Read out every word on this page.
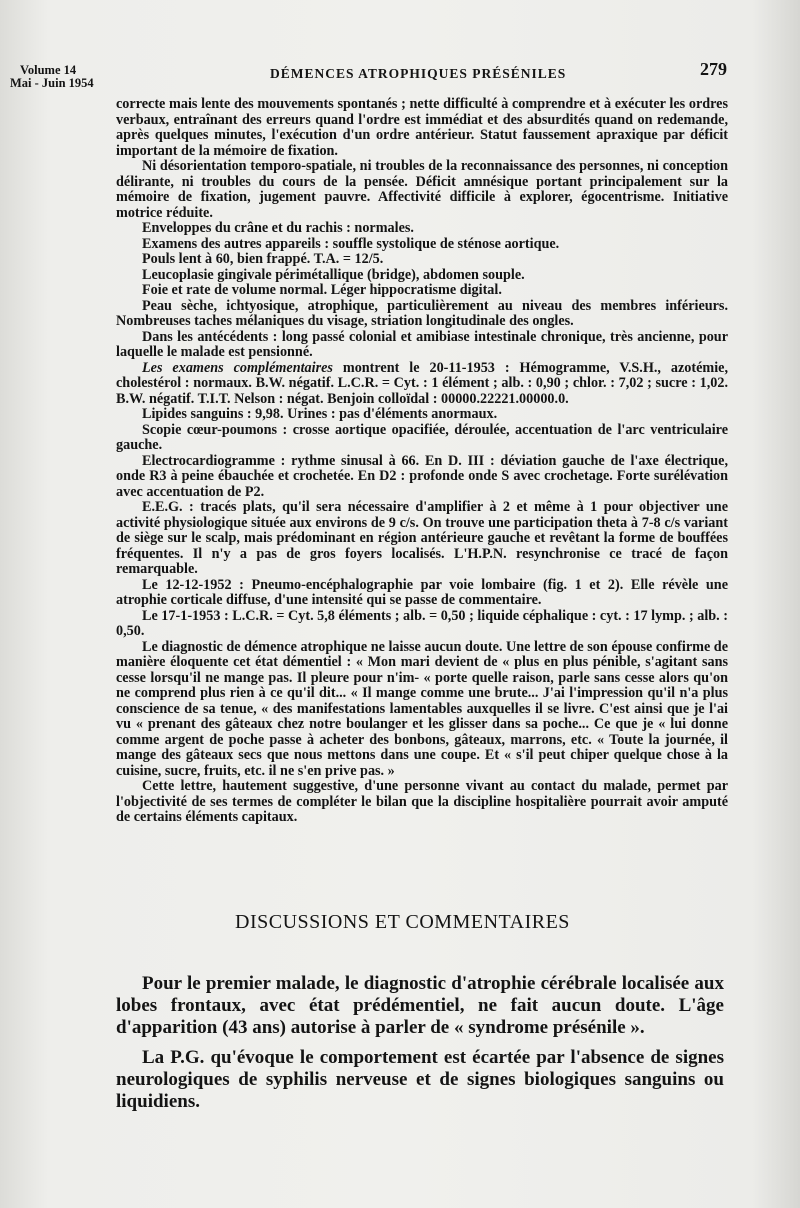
Volume 14
Mai - Juin 1954
DÉMENCES ATROPHIQUES PRÉSÉNILES	279

correcte mais lente des mouvements spontanés ; nette difficulté à comprendre et à exécuter les ordres verbaux, entraînant des erreurs quand l'ordre est immédiat et des absurdités quand on redemande, après quelques minutes, l'exécution d'un ordre antérieur. Statut faussement apraxique par déficit important de la mémoire de fixation.

Ni désorientation temporo-spatiale, ni troubles de la reconnaissance des personnes, ni conception délirante, ni troubles du cours de la pensée. Déficit amnésique portant principalement sur la mémoire de fixation, jugement pauvre. Affectivité difficile à explorer, égocentrisme. Initiative motrice réduite.

Enveloppes du crâne et du rachis : normales.

Examens des autres appareils : souffle systolique de sténose aortique.

Pouls lent à 60, bien frappé. T.A. = 12/5.

Leucoplasie gingivale périmétallique (bridge), abdomen souple.

Foie et rate de volume normal. Léger hippocratisme digital.

Peau sèche, ichtyosique, atrophique, particulièrement au niveau des membres inférieurs. Nombreuses taches mélaniques du visage, striation longitudinale des ongles.

Dans les antécédents : long passé colonial et amibiase intestinale chronique, très ancienne, pour laquelle le malade est pensionné.

Les examens complémentaires montrent le 20-11-1953 : Hémogramme, V.S.H., azotémie, cholestérol : normaux. B.W. négatif. L.C.R. = Cyt. : 1 élément ; alb. : 0,90 ; chlor. : 7,02 ; sucre : 1,02. B.W. négatif. T.I.T. Nelson : négat. Benjoin colloïdal : 00000.22221.00000.0.

Lipides sanguins : 9,98. Urines : pas d'éléments anormaux.

Scopie cœur-poumons : crosse aortique opacifiée, déroulée, accentuation de l'arc ventriculaire gauche.

Electrocardiogramme : rythme sinusal à 66. En D. III : déviation gauche de l'axe électrique, onde R3 à peine ébauchée et crochetée. En D2 : profonde onde S avec crochetage. Forte surélévation avec accentuation de P2.

E.E.G. : tracés plats, qu'il sera nécessaire d'amplifier à 2 et même à 1 pour objectiver une activité physiologique située aux environs de 9 c/s. On trouve une participation theta à 7-8 c/s variant de siège sur le scalp, mais prédominant en région antérieure gauche et revêtant la forme de bouffées fréquentes. Il n'y a pas de gros foyers localisés. L'H.P.N. resynchronise ce tracé de façon remarquable.

Le 12-12-1952 : Pneumo-encéphalographie par voie lombaire (fig. 1 et 2). Elle révèle une atrophie corticale diffuse, d'une intensité qui se passe de commentaire.

Le 17-1-1953 : L.C.R. = Cyt. 5,8 éléments ; alb. = 0,50 ; liquide céphalique : cyt. : 17 lymp. ; alb. : 0,50.

Le diagnostic de démence atrophique ne laisse aucun doute. Une lettre de son épouse confirme de manière éloquente cet état démentiel : « Mon mari devient de « plus en plus pénible, s'agitant sans cesse lorsqu'il ne mange pas. Il pleure pour n'im- « porte quelle raison, parle sans cesse alors qu'on ne comprend plus rien à ce qu'il dit... « Il mange comme une brute... J'ai l'impression qu'il n'a plus conscience de sa tenue, « des manifestations lamentables auxquelles il se livre. C'est ainsi que je l'ai vu « prenant des gâteaux chez notre boulanger et les glisser dans sa poche... Ce que je « lui donne comme argent de poche passe à acheter des bonbons, gâteaux, marrons, etc. « Toute la journée, il mange des gâteaux secs que nous mettons dans une coupe. Et « s'il peut chiper quelque chose à la cuisine, sucre, fruits, etc. il ne s'en prive pas. »

Cette lettre, hautement suggestive, d'une personne vivant au contact du malade, permet par l'objectivité de ses termes de compléter le bilan que la discipline hospitalière pourrait avoir amputé de certains éléments capitaux.

DISCUSSIONS ET COMMENTAIRES

Pour le premier malade, le diagnostic d'atrophie cérébrale localisée aux lobes frontaux, avec état prédémentiel, ne fait aucun doute. L'âge d'apparition (43 ans) autorise à parler de « syndrome présénile ».

La P.G. qu'évoque le comportement est écartée par l'absence de signes neurologiques de syphilis nerveuse et de signes biologiques sanguins ou liquidiens.
